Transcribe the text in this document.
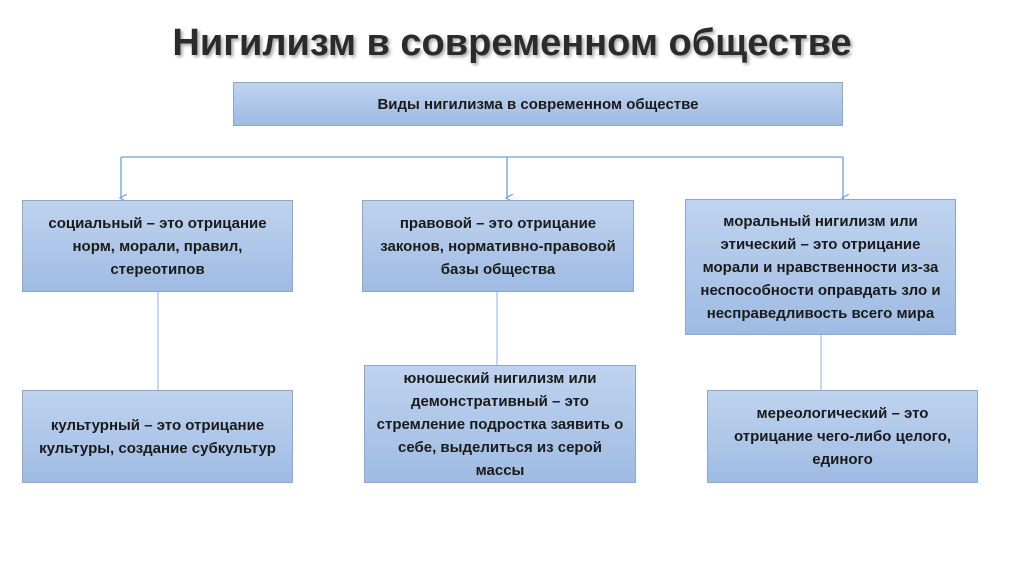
Нигилизм в современном обществе
Виды нигилизма в современном обществе
социальный – это отрицание норм, морали, правил, стереотипов
правовой – это отрицание законов, нормативно-правовой базы общества
моральный нигилизм или этический – это отрицание морали и нравственности из-за неспособности оправдать зло и несправедливость всего мира
культурный – это отрицание культуры, создание субкультур
юношеский нигилизм или демонстративный – это стремление подростка заявить о себе, выделиться из серой массы
мереологический – это отрицание чего-либо целого, единого
